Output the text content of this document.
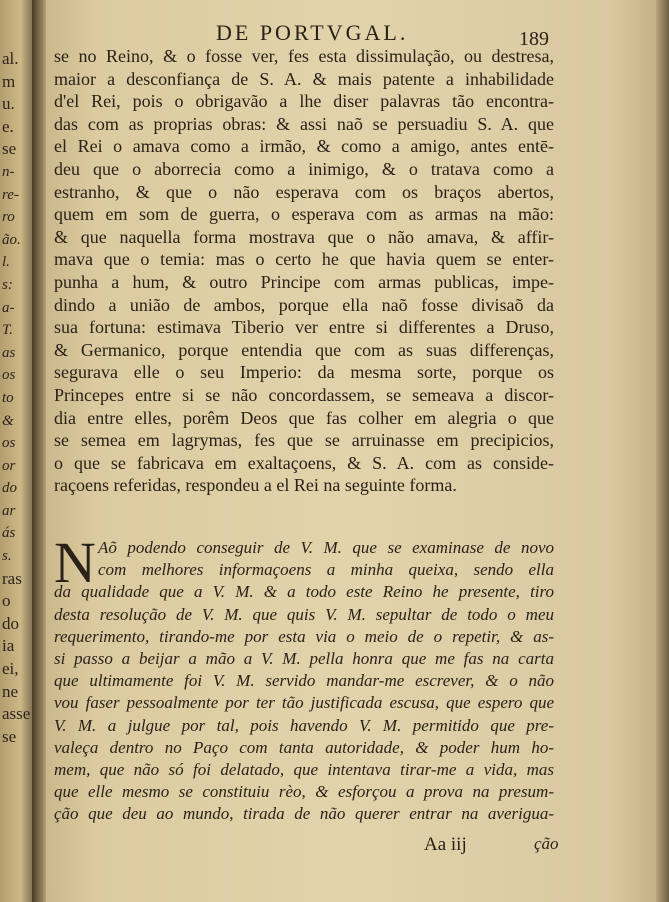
al.
m
u.
e.
se
n-
re-
ro
ão.
l.
s:
a-
T.
as
os
to
&
os
or
do
ar
ás
s.
ras
o
do
ia
ei,
ne
asse
se
DE PORTVGAL.	189
se no Reino, & o fosse ver, fes esta dissimulação, ou destresa,
maior a desconfiança de S. A. & mais patente a inhabilidade
d'el Rei, pois o obrigavão a lhe diser palavras tão encontra-
das com as proprias obras: & assi naõ se persuadiu S. A. que
el Rei o amava como a irmão, & como a amigo, antes entē-
deu que o aborrecia como a inimigo, & o tratava como a
estranho, & que o não esperava com os braços abertos,
quem em som de guerra, o esperava com as armas na mão:
& que naquella forma mostrava que o não amava, & affir-
mava que o temia: mas o certo he que havia quem se enter-
punha a hum, & outro Principe com armas publicas, impe-
dindo a união de ambos, porque ella naõ fosse divisaõ da
sua fortuna: estimava Tiberio ver entre si differentes a Druso,
& Germanico, porque entendia que com as suas differenças,
segurava elle o seu Imperio: da mesma sorte, porque os
Princepes entre si se não concordassem, se semeava a discor-
dia entre elles, porêm Deos que fas colher em alegria o que
se semea em lagrymas, fes que se arruinasse em precipicios,
o que se fabricava em exaltaçoens, & S. A. com as conside-
raçoens referidas, respondeu a el Rei na seguinte forma.
N Aõ podendo conseguir de V. M. que se examinase de novo
com melhores informaçoens a minha queixa, sendo ella
da qualidade que a V. M. & a todo este Reino he presente, tiro
desta resolução de V. M. que quis V. M. sepultar de todo o meu
requerimento, tirando-me por esta via o meio de o repetir, & as-
si passo a beijar a mão a V. M. pella honra que me fas na carta
que ultimamente foi V. M. servido mandar-me escrever, & o não
vou faser pessoalmente por ter tão justificada escusa, que espero que
V. M. a julgue por tal, pois havendo V. M. permitido que pre-
valeça dentro no Paço com tanta autoridade, & poder hum ho-
mem, que não só foi delatado, que intentava tirar-me a vida, mas
que elle mesmo se constituiu rèo, & esforçou a prova na presum-
ção que deu ao mundo, tirada de não querer entrar na averigua-
Aa iij	ção
